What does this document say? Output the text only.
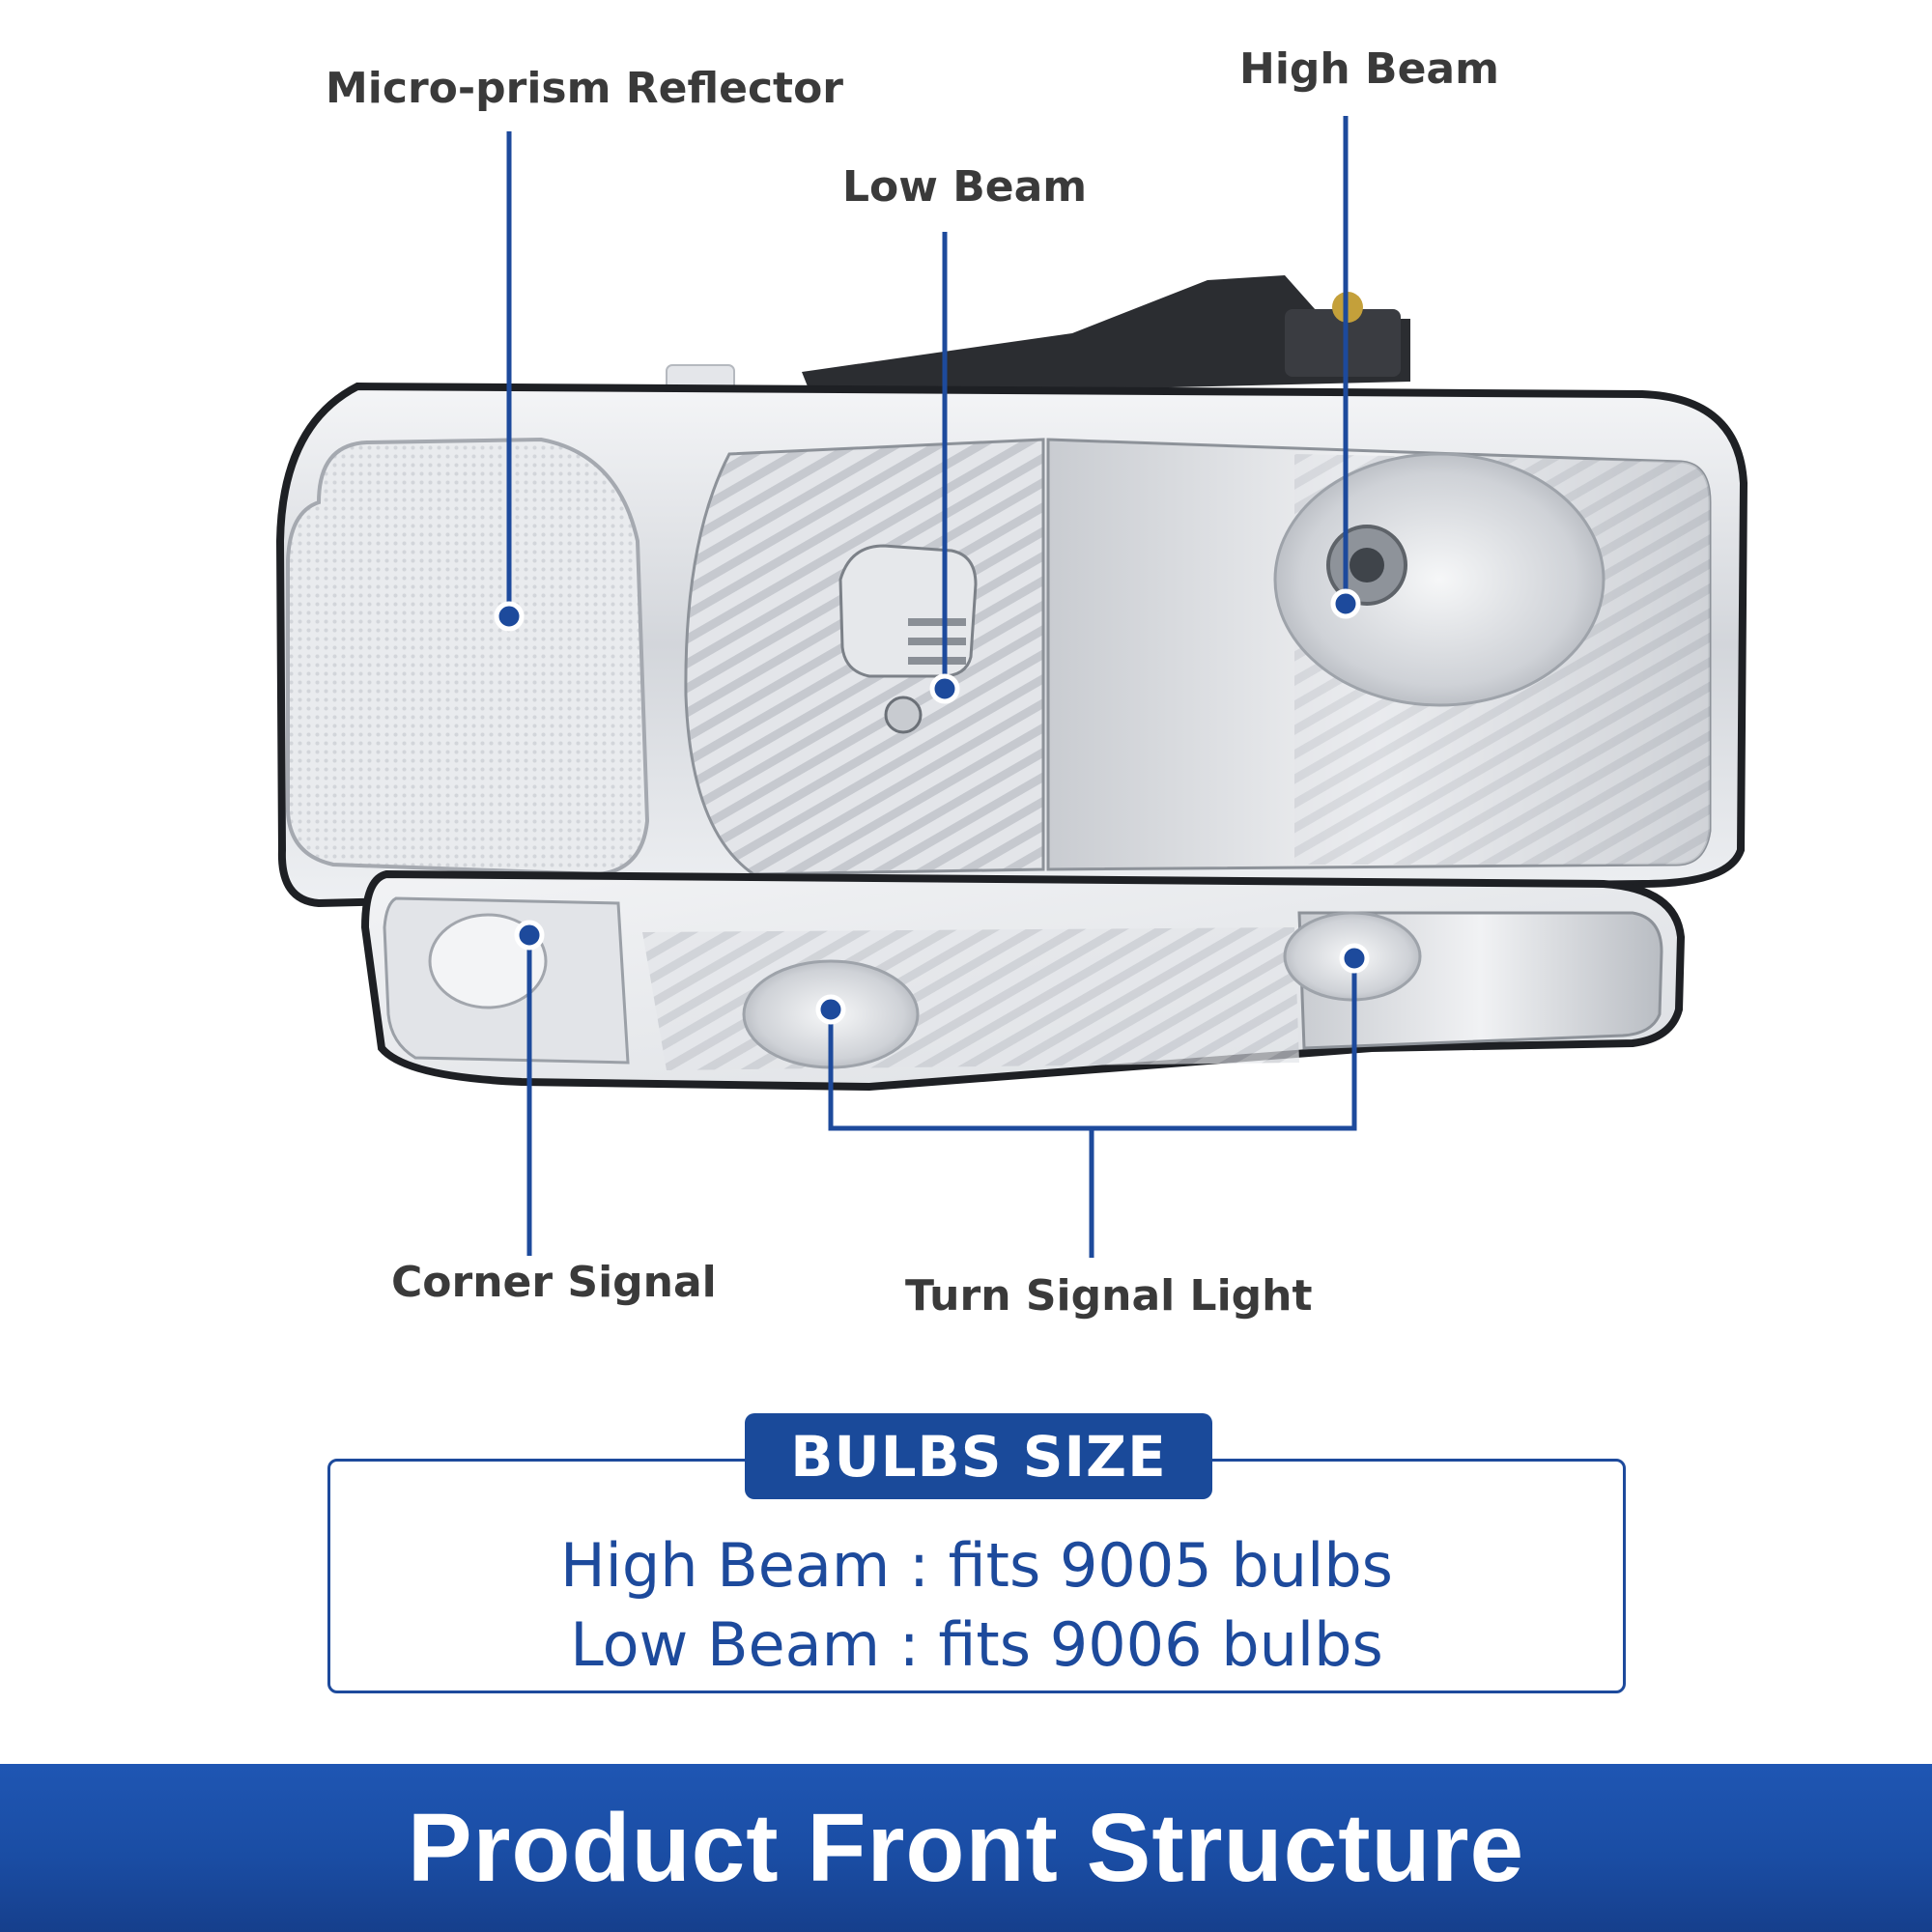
Micro-prism Reflector
Low Beam
High Beam
Corner Signal	Turn Signal Light
BULBS SIZE
High Beam : fits 9005 bulbs
Low Beam : fits 9006 bulbs
Product Front Structure
